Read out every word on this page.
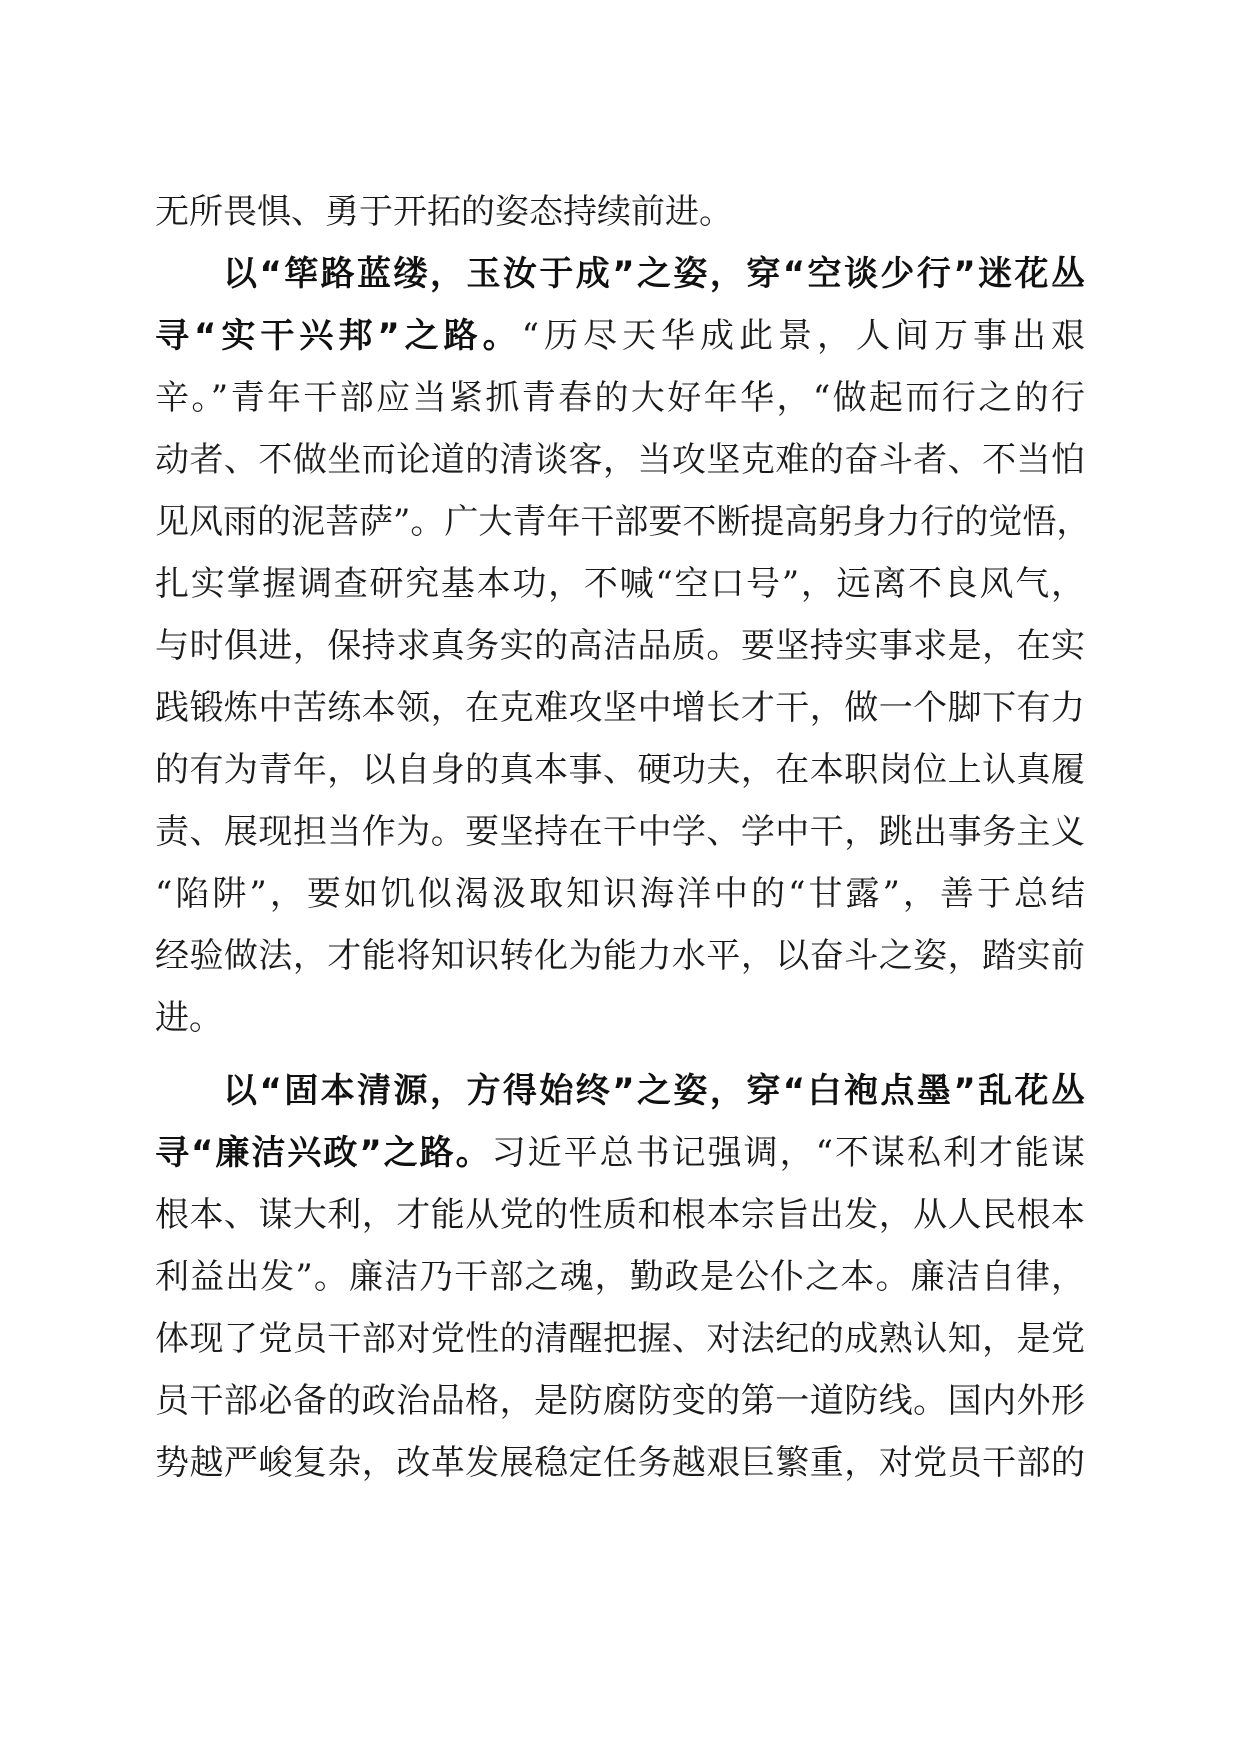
无所畏惧、勇于开拓的姿态持续前进。
以“筚路蓝缕，玉汝于成”之姿，穿“空谈少行”迷花丛
寻“实干兴邦”之路。“历尽天华成此景，人间万事出艰
辛。”青年干部应当紧抓青春的大好年华，“做起而行之的行
动者、不做坐而论道的清谈客，当攻坚克难的奋斗者、不当怕
见风雨的泥菩萨”。广大青年干部要不断提高躬身力行的觉悟，
扎实掌握调查研究基本功，不喊“空口号”，远离不良风气，
与时俱进，保持求真务实的高洁品质。要坚持实事求是，在实
践锻炼中苦练本领，在克难攻坚中增长才干，做一个脚下有力
的有为青年，以自身的真本事、硬功夫，在本职岗位上认真履
责、展现担当作为。要坚持在干中学、学中干，跳出事务主义
“陷阱”，要如饥似渴汲取知识海洋中的“甘露”，善于总结
经验做法，才能将知识转化为能力水平，以奋斗之姿，踏实前
进。
以“固本清源，方得始终”之姿，穿“白袍点墨”乱花丛
寻“廉洁兴政”之路。习近平总书记强调，“不谋私利才能谋
根本、谋大利，才能从党的性质和根本宗旨出发，从人民根本
利益出发”。廉洁乃干部之魂，勤政是公仆之本。廉洁自律，
体现了党员干部对党性的清醒把握、对法纪的成熟认知，是党
员干部必备的政治品格，是防腐防变的第一道防线。国内外形
势越严峻复杂，改革发展稳定任务越艰巨繁重，对党员干部的
